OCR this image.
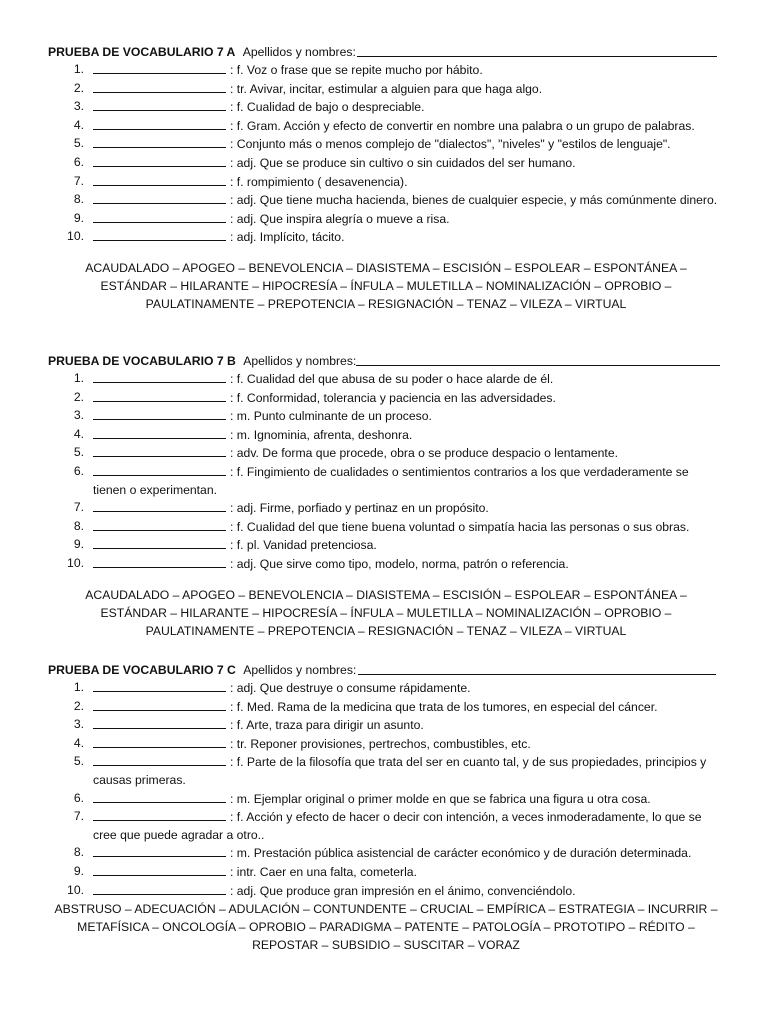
PRUEBA DE VOCABULARIO 7 A Apellidos y nombres:
1.	: f. Voz o frase que se repite mucho por hábito.
2.	: tr. Avivar, incitar, estimular a alguien para que haga algo.
3.	: f. Cualidad de bajo o despreciable.
4.	: f. Gram. Acción y efecto de convertir en nombre una palabra o un grupo de palabras.
5.	: Conjunto más o menos complejo de "dialectos", "niveles" y "estilos de lenguaje".
6.	: adj. Que se produce sin cultivo o sin cuidados del ser humano.
7.	: f. rompimiento ( desavenencia).
8.	: adj. Que tiene mucha hacienda, bienes de cualquier especie, y más comúnmente dinero.
9.	: adj. Que inspira alegría o mueve a risa.
10.	: adj. Implícito, tácito.
ACAUDALADO – APOGEO – BENEVOLENCIA – DIASISTEMA – ESCISIÓN – ESPOLEAR – ESPONTÁNEA – ESTÁNDAR – HILARANTE – HIPOCRESÍA – ÍNFULA – MULETILLA – NOMINALIZACIÓN – OPROBIO – PAULATINAMENTE – PREPOTENCIA – RESIGNACIÓN – TENAZ – VILEZA – VIRTUAL
PRUEBA DE VOCABULARIO 7 B Apellidos y nombres:
1.	: f. Cualidad del que abusa de su poder o hace alarde de él.
2.	: f. Conformidad, tolerancia y paciencia en las adversidades.
3.	: m. Punto culminante de un proceso.
4.	: m. Ignominia, afrenta, deshonra.
5.	: adv. De forma que procede, obra o se produce despacio o lentamente.
6.	: f. Fingimiento de cualidades o sentimientos contrarios a los que verdaderamente se tienen o experimentan.
7.	: adj. Firme, porfiado y pertinaz en un propósito.
8.	: f. Cualidad del que tiene buena voluntad o simpatía hacia las personas o sus obras.
9.	: f. pl. Vanidad pretenciosa.
10.	: adj. Que sirve como tipo, modelo, norma, patrón o referencia.
ACAUDALADO – APOGEO – BENEVOLENCIA – DIASISTEMA – ESCISIÓN – ESPOLEAR – ESPONTÁNEA – ESTÁNDAR – HILARANTE – HIPOCRESÍA – ÍNFULA – MULETILLA – NOMINALIZACIÓN – OPROBIO – PAULATINAMENTE – PREPOTENCIA – RESIGNACIÓN – TENAZ – VILEZA – VIRTUAL
PRUEBA DE VOCABULARIO 7 C Apellidos y nombres:
1.	: adj. Que destruye o consume rápidamente.
2.	: f. Med. Rama de la medicina que trata de los tumores, en especial del cáncer.
3.	: f. Arte, traza para dirigir un asunto.
4.	: tr. Reponer provisiones, pertrechos, combustibles, etc.
5.	: f. Parte de la filosofía que trata del ser en cuanto tal, y de sus propiedades, principios y causas primeras.
6.	: m. Ejemplar original o primer molde en que se fabrica una figura u otra cosa.
7.	: f. Acción y efecto de hacer o decir con intención, a veces inmoderadamente, lo que se cree que puede agradar a otro..
8.	: m. Prestación pública asistencial de carácter económico y de duración determinada.
9.	: intr. Caer en una falta, cometerla.
10.	: adj. Que produce gran impresión en el ánimo, convenciéndolo.
ABSTRUSO – ADECUACIÓN – ADULACIÓN – CONTUNDENTE – CRUCIAL – EMPÍRICA – ESTRATEGIA – INCURRIR – METAFÍSICA – ONCOLOGÍA – OPROBIO – PARADIGMA – PATENTE – PATOLOGÍA – PROTOTIPO – RÉDITO – REPOSTAR – SUBSIDIO – SUSCITAR – VORAZ
